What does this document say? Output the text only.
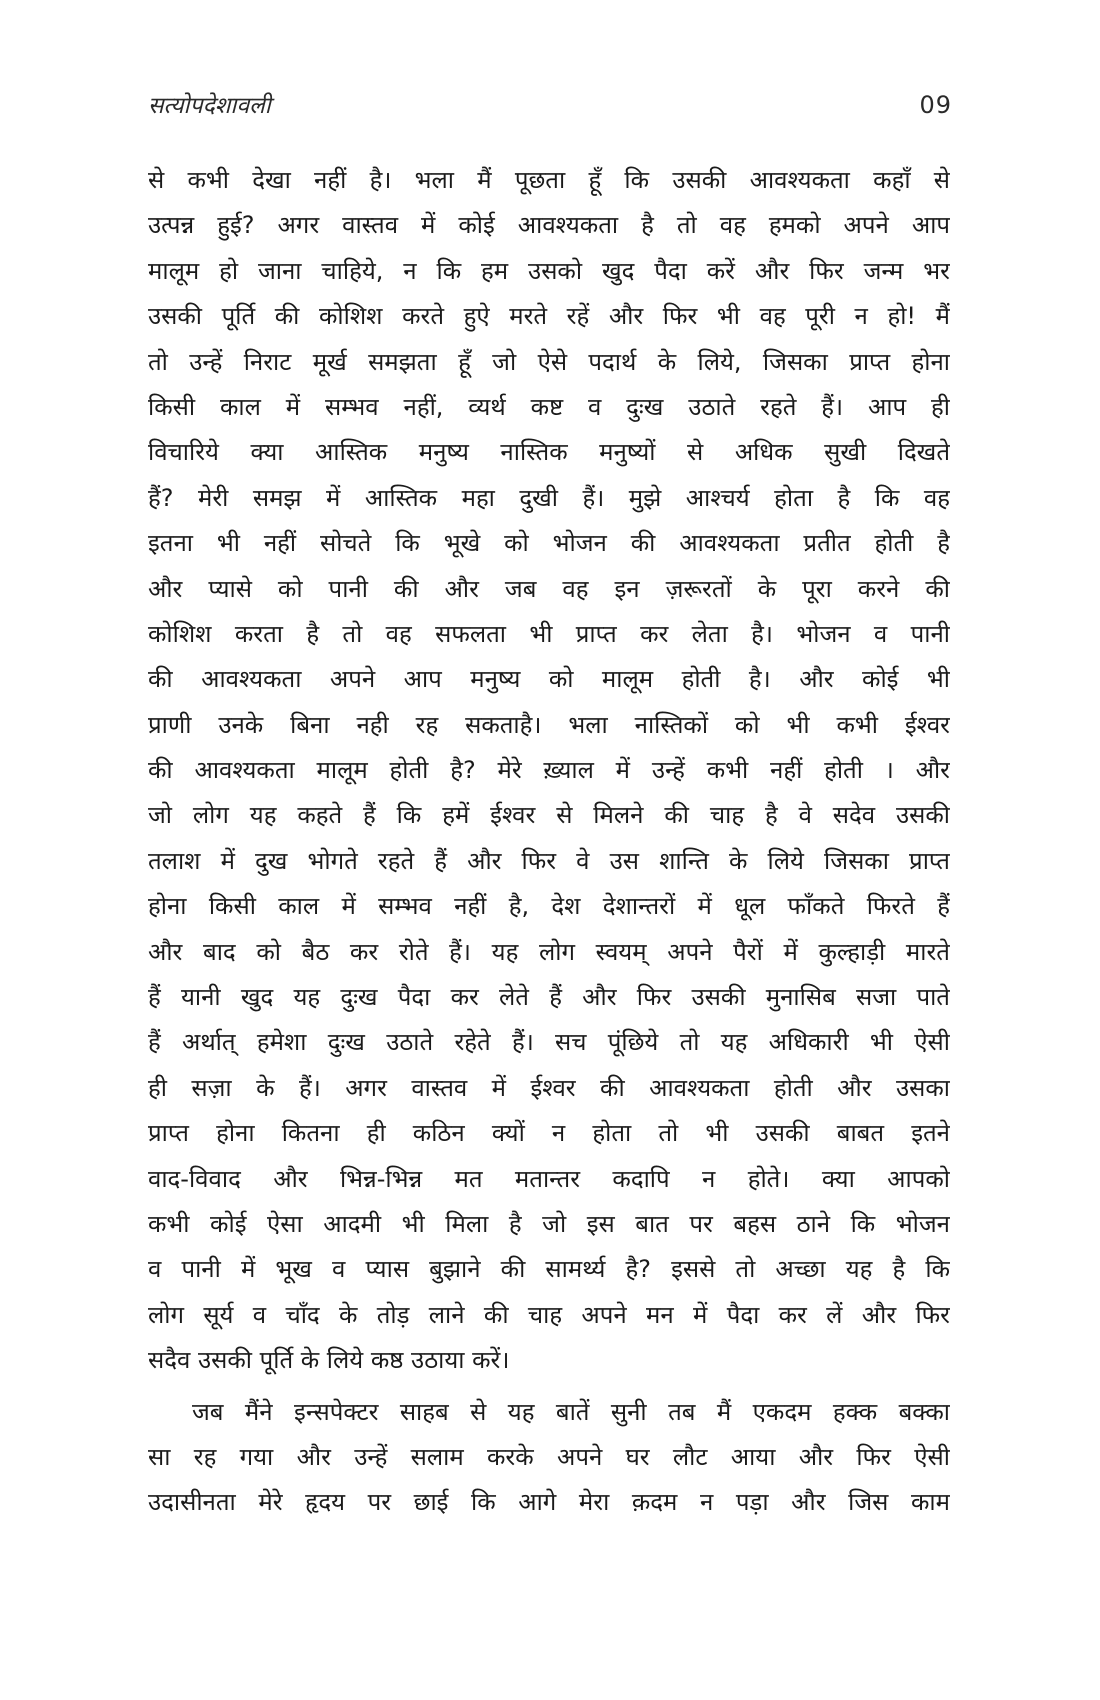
सत्योपदेशावली	09
से कभी देखा नहीं है। भला मैं पूछता हूँ कि उसकी आवश्यकता कहाँ से
उत्पन्न हुई? अगर वास्तव में कोई आवश्यकता है तो वह हमको अपने आप
मालूम हो जाना चाहिये, न कि हम उसको खुद पैदा करें और फिर जन्म भर
उसकी पूर्ति की कोशिश करते हुऐ मरते रहें और फिर भी वह पूरी न हो! मैं
तो उन्हें निराट मूर्ख समझता हूँ जो ऐसे पदार्थ के लिये, जिसका प्राप्त होना
किसी काल में सम्भव नहीं, व्यर्थ कष्ट व दुःख उठाते रहते हैं। आप ही
विचारिये क्या आस्तिक मनुष्य नास्तिक मनुष्यों से अधिक सुखी दिखते
हैं? मेरी समझ में आस्तिक महा दुखी हैं। मुझे आश्चर्य होता है कि वह
इतना भी नहीं सोचते कि भूखे को भोजन की आवश्यकता प्रतीत होती है
और प्यासे को पानी की और जब वह इन ज़रूरतों के पूरा करने की
कोशिश करता है तो वह सफलता भी प्राप्त कर लेता है। भोजन व पानी
की आवश्यकता अपने आप मनुष्य को मालूम होती है। और कोई भी
प्राणी उनके बिना नही रह सकताहै। भला नास्तिकों को भी कभी ईश्वर
की आवश्यकता मालूम होती है? मेरे ख़्याल में उन्हें कभी नहीं होती । और
जो लोग यह कहते हैं कि हमें ईश्वर से मिलने की चाह है वे सदेव उसकी
तलाश में दुख भोगते रहते हैं और फिर वे उस शान्ति के लिये जिसका प्राप्त
होना किसी काल में सम्भव नहीं है, देश देशान्तरों में धूल फाँकते फिरते हैं
और बाद को बैठ कर रोते हैं। यह लोग स्वयम् अपने पैरों में कुल्हाड़ी मारते
हैं यानी खुद यह दुःख पैदा कर लेते हैं और फिर उसकी मुनासिब सजा पाते
हैं अर्थात् हमेशा दुःख उठाते रहेते हैं। सच पूंछिये तो यह अधिकारी भी ऐसी
ही सज़ा के हैं। अगर वास्तव में ईश्वर की आवश्यकता होती और उसका
प्राप्त होना कितना ही कठिन क्यों न होता तो भी उसकी बाबत इतने
वाद-विवाद और भिन्न-भिन्न मत मतान्तर कदापि न होते। क्या आपको
कभी कोई ऐसा आदमी भी मिला है जो इस बात पर बहस ठाने कि भोजन
व पानी में भूख व प्यास बुझाने की सामर्थ्य है? इससे तो अच्छा यह है कि
लोग सूर्य व चाँद के तोड़ लाने की चाह अपने मन में पैदा कर लें और फिर
सदैव उसकी पूर्ति के लिये कष्ठ उठाया करें।
जब मैंने इन्सपेक्टर साहब से यह बातें सुनी तब मैं एकदम हक्क बक्का
सा रह गया और उन्हें सलाम करके अपने घर लौट आया और फिर ऐसी
उदासीनता मेरे हृदय पर छाई कि आगे मेरा क़दम न पड़ा और जिस काम
